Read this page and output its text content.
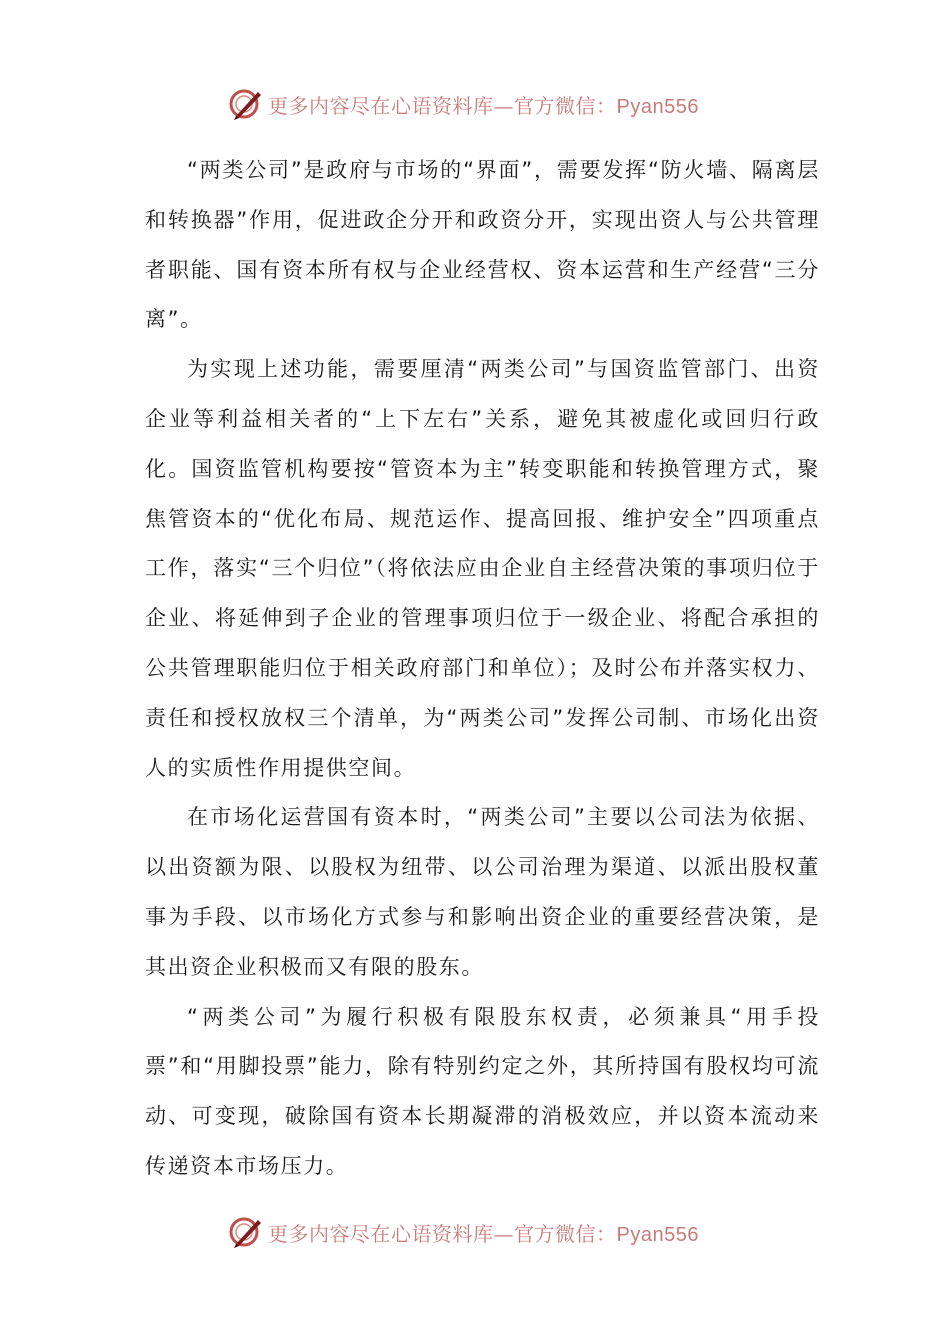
更多内容尽在心语资料库—官方微信：Pyan556

“两类公司”是政府与市场的“界面”，需要发挥“防火墙、隔离层和转换器”作用，促进政企分开和政资分开，实现出资人与公共管理者职能、国有资本所有权与企业经营权、资本运营和生产经营“三分离”。

为实现上述功能，需要厘清“两类公司”与国资监管部门、出资企业等利益相关者的“上下左右”关系，避免其被虚化或回归行政化。国资监管机构要按“管资本为主”转变职能和转换管理方式，聚焦管资本的“优化布局、规范运作、提高回报、维护安全”四项重点工作，落实“三个归位”（将依法应由企业自主经营决策的事项归位于企业、将延伸到子企业的管理事项归位于一级企业、将配合承担的公共管理职能归位于相关政府部门和单位）；及时公布并落实权力、责任和授权放权三个清单，为“两类公司”发挥公司制、市场化出资人的实质性作用提供空间。

在市场化运营国有资本时，“两类公司”主要以公司法为依据、以出资额为限、以股权为纽带、以公司治理为渠道、以派出股权董事为手段、以市场化方式参与和影响出资企业的重要经营决策，是其出资企业积极而又有限的股东。

“两类公司”为履行积极有限股东权责，必须兼具“用手投票”和“用脚投票”能力，除有特别约定之外，其所持国有股权均可流动、可变现，破除国有资本长期凝滞的消极效应，并以资本流动来传递资本市场压力。

更多内容尽在心语资料库—官方微信：Pyan556
